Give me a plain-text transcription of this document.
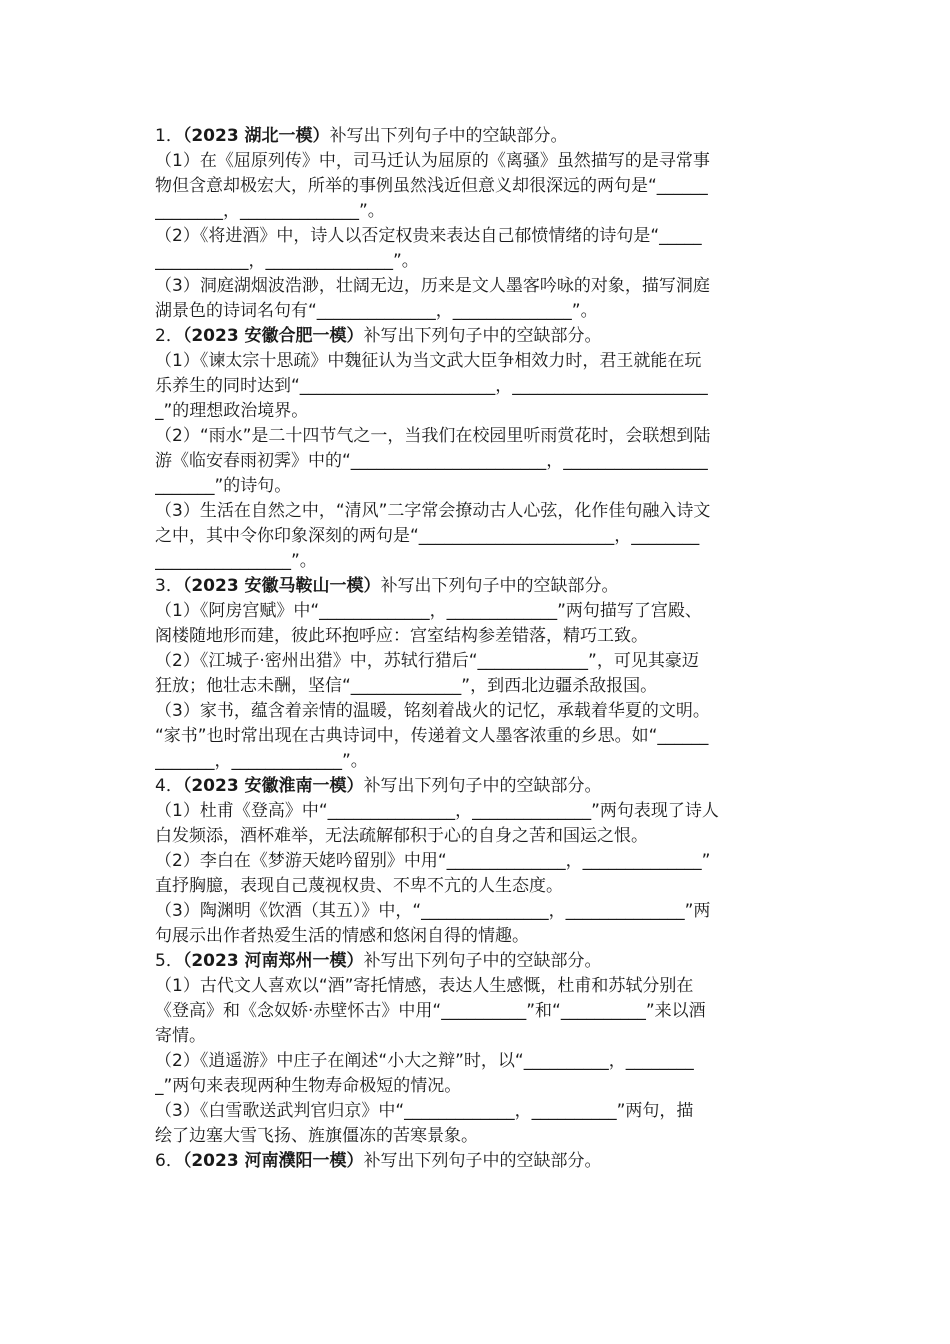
1．（2023 湖北一模）补写出下列句子中的空缺部分。
（1）在《屈原列传》中，司马迁认为屈原的《离骚》虽然描写的是寻常事
物但含意却极宏大，所举的事例虽然浅近但意义却很深远的两句是“______
________，______________”。
（2）《将进酒》中，诗人以否定权贵来表达自己郁愤情绪的诗句是“_____
___________，_______________”。
（3）洞庭湖烟波浩渺，壮阔无边，历来是文人墨客吟咏的对象，描写洞庭
湖景色的诗词名句有“______________，______________”。
2．（2023 安徽合肥一模）补写出下列句子中的空缺部分。
（1）《谏太宗十思疏》中魏征认为当文武大臣争相效力时，君王就能在玩
乐养生的同时达到“_______________________，_______________________
_”的理想政治境界。
（2）“雨水”是二十四节气之一，当我们在校园里听雨赏花时，会联想到陆
游《临安春雨初霁》中的“_______________________，_________________
_______”的诗句。
（3）生活在自然之中，“清风”二字常会撩动古人心弦，化作佳句融入诗文
之中，其中令你印象深刻的两句是“_______________________，________
________________”。
3．（2023 安徽马鞍山一模）补写出下列句子中的空缺部分。
（1）《阿房宫赋》中“_____________，_____________”两句描写了宫殿、
阁楼随地形而建，彼此环抱呼应：宫室结构参差错落，精巧工致。
（2）《江城子·密州出猎》中，苏轼行猎后“_____________”，可见其豪迈
狂放；他壮志未酬，坚信“_____________”，到西北边疆杀敌报国。
（3）家书，蕴含着亲情的温暖，铭刻着战火的记忆，承载着华夏的文明。
“家书”也时常出现在古典诗词中，传递着文人墨客浓重的乡思。如“______
_______，_____________”。
4．（2023 安徽淮南一模）补写出下列句子中的空缺部分。
（1）杜甫《登高》中“_______________，______________”两句表现了诗人
白发频添，酒杯难举，无法疏解郁积于心的自身之苦和国运之恨。
（2）李白在《梦游天姥吟留别》中用“______________，______________”
直抒胸臆，表现自己蔑视权贵、不卑不亢的人生态度。
（3）陶渊明《饮酒（其五）》中，“_______________，______________”两
句展示出作者热爱生活的情感和悠闲自得的情趣。
5．（2023 河南郑州一模）补写出下列句子中的空缺部分。
（1）古代文人喜欢以“酒”寄托情感，表达人生感慨，杜甫和苏轼分别在
《登高》和《念奴娇·赤壁怀古》中用“__________”和“__________”来以酒
寄情。
（2）《逍遥游》中庄子在阐述“小大之辩”时，以“__________，________
_”两句来表现两种生物寿命极短的情况。
（3）《白雪歌送武判官归京》中“_____________，__________”两句，描
绘了边塞大雪飞扬、旌旗僵冻的苦寒景象。
6．（2023 河南濮阳一模）补写出下列句子中的空缺部分。
